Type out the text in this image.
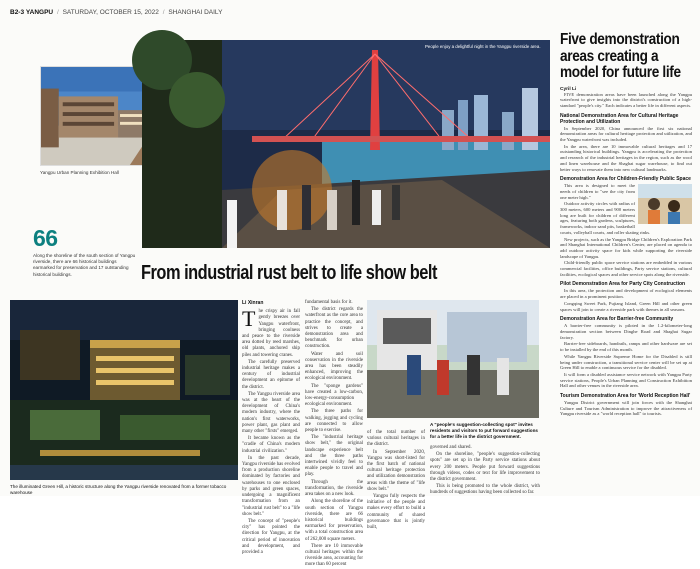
B2-3 YANGPU / SATURDAY, OCTOBER 15, 2022 / SHANGHAI DAILY
Yangpu Urban Planning Exhibition Hall
People enjoy a delightful night in the Yangpu riverside area.
66
Along the shoreline of the south section of Yangpu riverside, there are 66 historical buildings earmarked for preservation and 17 outstanding historical buildings.	From industrial rust belt to life show belt
The illuminated Green Hill, a historic structure along the Yangpu riverside renovated from a former tobacco warehouse
Li Xinran
T he crispy air in fall gently breezes over Yangpu waterfront, bringing coolness and peace to the riverside area dotted by reed marshes, old plants, anchored ship piles and towering cranes.

The carefully preserved industrial heritage makes a century of industrial development an epitome of the district.

The Yangpu riverside area was at the heart of the development of China's modern industry, where the nation's first waterworks, power plant, gas plant and many other "firsts" emerged.

It became known as the "cradle of China's modern industrial civilization."

In the past decade, Yangpu riverside has evolved from a production shoreline dominated by factories and warehouses to one enclosed by parks and green spaces, undergoing a magnificent transformation from an "industrial rust belt" to a "life show belt."

The concept of "people's city" has pointed the direction for Yangpu, at the critical period of innovation and development, and provided a

fundamental basis for it.

The district regards the waterfront as the core area to practice the concept, and strives to create a demonstration area and benchmark for urban construction.

Water and soil conservation in the riverside area has been steadily enhanced, improving the ecological environment.

The "sponge gardens" have created a low-carbon, low-energy-consumption ecological environment.

The three paths for walking, jogging and cycling are connected to allow people to exercise.

The "industrial heritage show belt," the original landscape experience belt and the three paths intertwined vividly feel to enable people to travel and play.

Through the transformation, the riverside area takes on a new look.

Along the shoreline of the south section of Yangpu riverside, there are 66 historical buildings earmarked for preservation, with a total construction area of 262,000 square meters.

There are 10 immovable cultural heritages within the riverside area, accounting for more than 60 percent

of the total number of various cultural heritages in the district.

In September 2020, Yangpu was short-listed for the first batch of national cultural heritage protection and utilization demonstration areas with the theme of "life show belt."

Yangpu fully respects the initiative of the people and makes every effort to build a community of shared governance that is jointly built,

governed and shared.

On the shoreline, "people's suggestion-collecting spots" are set up in the Party service stations about every 200 meters. People put forward suggestions through videos, codes or text for life improvement to the district government.

This is being promoted to the whole district, with hundreds of suggestions having been collected so far.

A "people's suggestion-collecting spot" invites residents and visitors to put forward suggestions for a better life in the district government.
Five demonstration areas creating a model for future life
Cyril Li

FIVE demonstration areas have been launched along the Yangpu waterfront to give insights into the district's construction of a high-standard "people's city." Each indicates a better life in different aspects.

National Demonstration Area for Cultural Heritage Protection and Utilization

In September 2020, China announced the first six national demonstration areas for cultural heritage protection and utilization, and the Yangpu waterfront was included.

In the area, there are 10 immovable cultural heritages and 17 outstanding historical buildings. Yangpu is accelerating the protection and research of the industrial heritages in the region, such as the wool and linen warehouse and the Shaghai sugar warehouse, to find out better ways to renovate them into new cultural landmarks.

Demonstration Area for Children-Friendly Public Space

This area is designed to meet the needs of children to "see the city from one meter high."

Outdoor activity circles with radius of 300 meters, 600 meters and 900 meters long are built for children of different ages, featuring both gardens, sculptures, frameworks, indoor sand pits, basketball courts, volleyball courts, and roller skating rinks.

New projects, such as the Yangpu Bridge Children's Exploration Park and Shanghai International Children's Center, are placed on agenda to add outdoor activity space for kids while supporting the riverside landscape of Yangpu.

Child-friendly public space service stations are embedded in various commercial facilities, office buildings, Party service stations, cultural facilities, ecological spaces and other service spots along the riverside.

Pilot Demonstration Area for Party City Construction

In this area, the protection and development of ecological elements are placed in a prominent position.

Congqing Sweet Park, Pujiang Island, Green Hill and other green spaces will join to create a riverside park with themes in all seasons.

Demonstration Area for Barrier-free Community

A barrier-free community is piloted in the 1.2-kilometer-long demonstration section between Dinghe Road and Shaghai Sugar factory.

Barrier-free sideboards, handrails, ramps and other hardware are set to be installed by the end of this month.

While Yangpu Riverside Supreme Home for the Disabled is still being under construction, a transitional service center will be set up at Green Hill to enable a continuous service for the disabled.

It will form a disabled assistance service network with Yangpu Party service stations, People's Urban Planning and Construction Exhibition Hall and other venues in the riverside area.

Tourism Demonstration Area for 'World Reception Hall'

Yangpu District government will join forces with the Shanghai Culture and Tourism Administration to improve the attractiveness of Yangpu riverside as a "world reception hall" to tourists.
